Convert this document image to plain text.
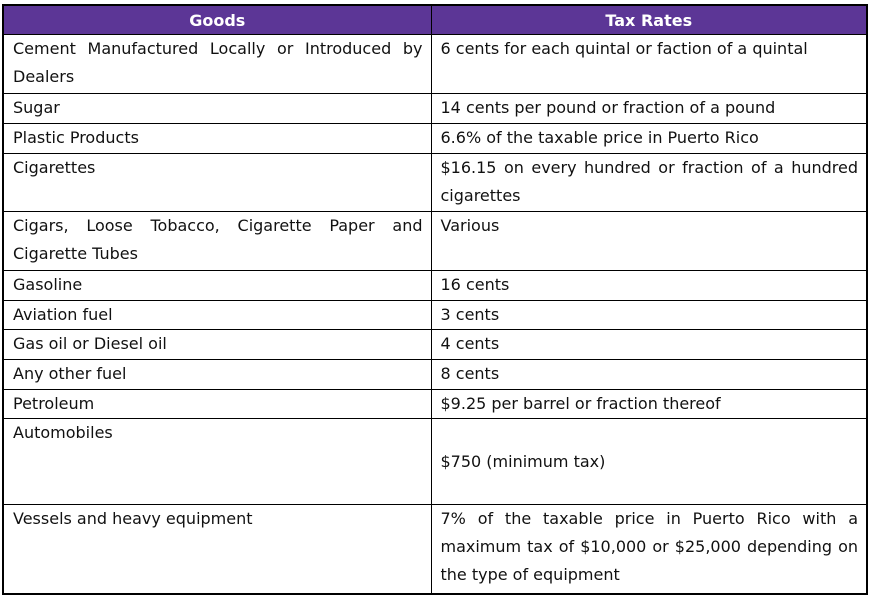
Goods	Tax Rates
Cement Manufactured Locally or Introduced by Dealers	6 cents for each quintal or faction of a quintal
Sugar	14 cents per pound or fraction of a pound
Plastic Products	6.6% of the taxable price in Puerto Rico
Cigarettes	$16.15 on every hundred or fraction of a hundred cigarettes
Cigars, Loose Tobacco, Cigarette Paper and Cigarette Tubes	Various
Gasoline	16 cents
Aviation fuel	3 cents
Gas oil or Diesel oil	4 cents
Any other fuel	8 cents
Petroleum	$9.25 per barrel or fraction thereof
Automobiles	$750 (minimum tax)
Vessels and heavy equipment	7% of the taxable price in Puerto Rico with a maximum tax of $10,000 or $25,000 depending on the type of equipment
